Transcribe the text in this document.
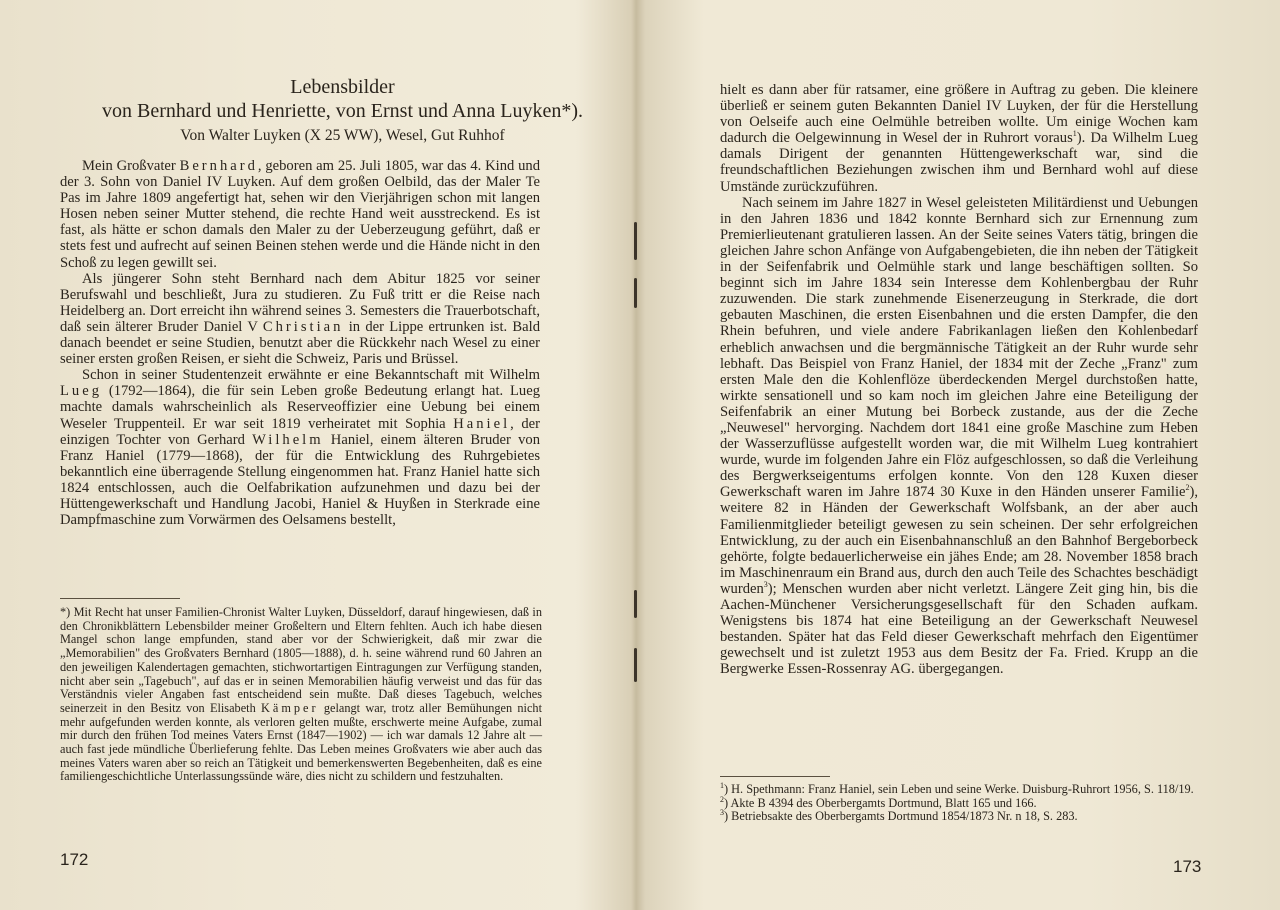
Lebensbilder
von Bernhard und Henriette, von Ernst und Anna Luyken*).
Von Walter Luyken (X 25 WW), Wesel, Gut Ruhhof

Mein Großvater Bernhard, geboren am 25. Juli 1805, war das 4. Kind und der 3. Sohn von Daniel IV Luyken. Auf dem großen Oelbild, das der Maler Te Pas im Jahre 1809 angefertigt hat, sehen wir den Vierjährigen schon mit langen Hosen neben seiner Mutter stehend, die rechte Hand weit ausstreckend. Es ist fast, als hätte er schon damals den Maler zu der Ueberzeugung geführt, daß er stets fest und aufrecht auf seinen Beinen stehen werde und die Hände nicht in den Schoß zu legen gewillt sei.

Als jüngerer Sohn steht Bernhard nach dem Abitur 1825 vor seiner Berufswahl und beschließt, Jura zu studieren. Zu Fuß tritt er die Reise nach Heidelberg an. Dort erreicht ihn während seines 3. Semesters die Trauerbotschaft, daß sein älterer Bruder Daniel V Christian in der Lippe ertrunken ist. Bald danach beendet er seine Studien, benutzt aber die Rückkehr nach Wesel zu einer seiner ersten großen Reisen, er sieht die Schweiz, Paris und Brüssel.

Schon in seiner Studentenzeit erwähnte er eine Bekanntschaft mit Wilhelm Lueg (1792—1864), die für sein Leben große Bedeutung erlangt hat. Lueg machte damals wahrscheinlich als Reserveoffizier eine Uebung bei einem Weseler Truppenteil. Er war seit 1819 verheiratet mit Sophia Haniel, der einzigen Tochter von Gerhard Wilhelm Haniel, einem älteren Bruder von Franz Haniel (1779—1868), der für die Entwicklung des Ruhrgebietes bekanntlich eine überragende Stellung eingenommen hat. Franz Haniel hatte sich 1824 entschlossen, auch die Oelfabrikation aufzunehmen und dazu bei der Hüttengewerkschaft und Handlung Jacobi, Haniel & Huyßen in Sterkrade eine Dampfmaschine zum Vorwärmen des Oelsamens bestellt,

*) Mit Recht hat unser Familien-Chronist Walter Luyken, Düsseldorf, darauf hingewiesen, daß in den Chronikblättern Lebensbilder meiner Großeltern und Eltern fehlten. Auch ich habe diesen Mangel schon lange empfunden, stand aber vor der Schwierigkeit, daß mir zwar die „Memorabilien" des Großvaters Bernhard (1805—1888), d. h. seine während rund 60 Jahren an den jeweiligen Kalendertagen gemachten, stichwortartigen Eintragungen zur Verfügung standen, nicht aber sein „Tagebuch", auf das er in seinen Memorabilien häufig verweist und das für das Verständnis vieler Angaben fast entscheidend sein mußte. Daß dieses Tagebuch, welches seinerzeit in den Besitz von Elisabeth Kämper gelangt war, trotz aller Bemühungen nicht mehr aufgefunden werden konnte, als verloren gelten mußte, erschwerte meine Aufgabe, zumal mir durch den frühen Tod meines Vaters Ernst (1847—1902) — ich war damals 12 Jahre alt — auch fast jede mündliche Überlieferung fehlte. Das Leben meines Großvaters wie aber auch das meines Vaters waren aber so reich an Tätigkeit und bemerkenswerten Begebenheiten, daß es eine familiengeschichtliche Unterlassungssünde wäre, dies nicht zu schildern und festzuhalten.

172

hielt es dann aber für ratsamer, eine größere in Auftrag zu geben. Die kleinere überließ er seinem guten Bekannten Daniel IV Luyken, der für die Herstellung von Oelseife auch eine Oelmühle betreiben wollte. Um einige Wochen kam dadurch die Oelgewinnung in Wesel der in Ruhrort voraus$^1$). Da Wilhelm Lueg damals Dirigent der genannten Hüttengewerkschaft war, sind die freundschaftlichen Beziehungen zwischen ihm und Bernhard wohl auf diese Umstände zurückzuführen.

Nach seinem im Jahre 1827 in Wesel geleisteten Militärdienst und Uebungen in den Jahren 1836 und 1842 konnte Bernhard sich zur Ernennung zum Premierlieutenant gratulieren lassen. An der Seite seines Vaters tätig, bringen die gleichen Jahre schon Anfänge von Aufgabengebieten, die ihn neben der Tätigkeit in der Seifenfabrik und Oelmühle stark und lange beschäftigen sollten. So beginnt sich im Jahre 1834 sein Interesse dem Kohlenbergbau der Ruhr zuzuwenden. Die stark zunehmende Eisenerzeugung in Sterkrade, die dort gebauten Maschinen, die ersten Eisenbahnen und die ersten Dampfer, die den Rhein befuhren, und viele andere Fabrikanlagen ließen den Kohlenbedarf erheblich anwachsen und die bergmännische Tätigkeit an der Ruhr wurde sehr lebhaft. Das Beispiel von Franz Haniel, der 1834 mit der Zeche „Franz" zum ersten Male den die Kohlenflöze überdeckenden Mergel durchstoßen hatte, wirkte sensationell und so kam noch im gleichen Jahre eine Beteiligung der Seifenfabrik an einer Mutung bei Borbeck zustande, aus der die Zeche „Neuwesel" hervorging. Nachdem dort 1841 eine große Maschine zum Heben der Wasserzuflüsse aufgestellt worden war, die mit Wilhelm Lueg kontrahiert wurde, wurde im folgenden Jahre ein Flöz aufgeschlossen, so daß die Verleihung des Bergwerkseigentums erfolgen konnte. Von den 128 Kuxen dieser Gewerkschaft waren im Jahre 1874 30 Kuxe in den Händen unserer Familie$^2$), weitere 82 in Händen der Gewerkschaft Wolfsbank, an der aber auch Familienmitglieder beteiligt gewesen zu sein scheinen. Der sehr erfolgreichen Entwicklung, zu der auch ein Eisenbahnanschluß an den Bahnhof Bergeborbeck gehörte, folgte bedauerlicherweise ein jähes Ende; am 28. November 1858 brach im Maschinenraum ein Brand aus, durch den auch Teile des Schachtes beschädigt wurden$^3$); Menschen wurden aber nicht verletzt. Längere Zeit ging hin, bis die Aachen-Münchener Versicherungsgesellschaft für den Schaden aufkam. Wenigstens bis 1874 hat eine Beteiligung an der Gewerkschaft Neuwesel bestanden. Später hat das Feld dieser Gewerkschaft mehrfach den Eigentümer gewechselt und ist zuletzt 1953 aus dem Besitz der Fa. Fried. Krupp an die Bergwerke Essen-Rossenray AG. übergegangen.

$^1$) H. Spethmann: Franz Haniel, sein Leben und seine Werke. Duisburg-Ruhrort 1956, S. 118/19.

$^2$) Akte B 4394 des Oberbergamts Dortmund, Blatt 165 und 166.

$^3$) Betriebsakte des Oberbergamts Dortmund 1854/1873 Nr. n 18, S. 283.

173
